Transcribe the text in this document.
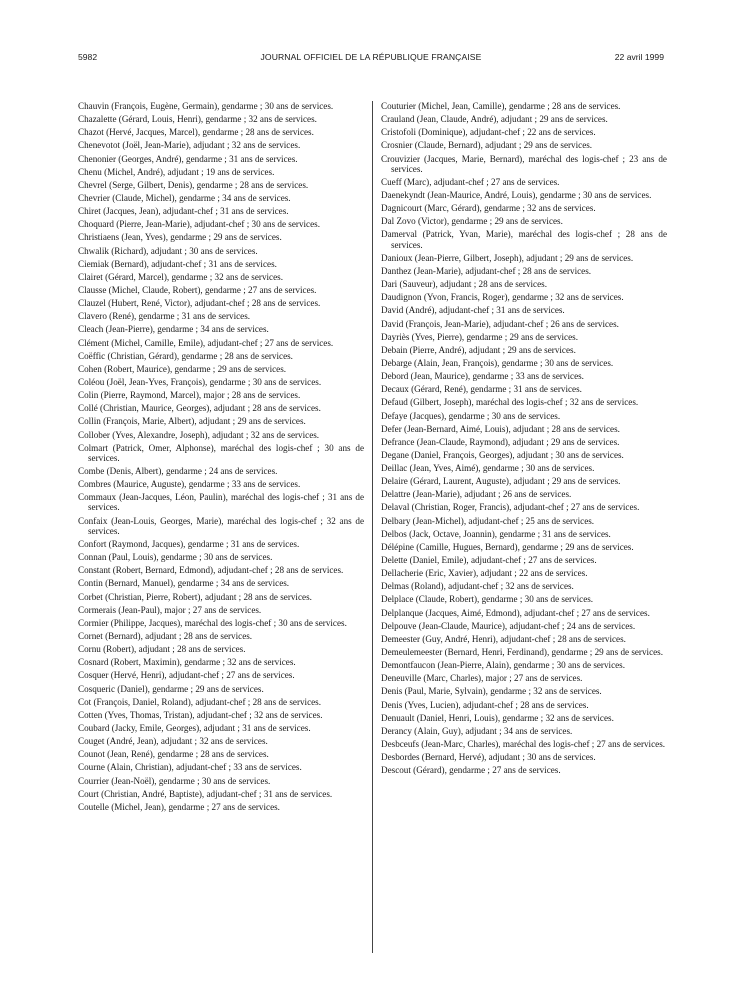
5982	JOURNAL OFFICIEL DE LA RÉPUBLIQUE FRANÇAISE	22 avril 1999

Chauvin (François, Eugène, Germain), gendarme ; 30 ans de services.

Chazalette (Gérard, Louis, Henri), gendarme ; 32 ans de services.

Chazot (Hervé, Jacques, Marcel), gendarme ; 28 ans de services.

Chenevotot (Joël, Jean-Marie), adjudant ; 32 ans de services.

Chenonier (Georges, André), gendarme ; 31 ans de services.

Chenu (Michel, André), adjudant ; 19 ans de services.

Chevrel (Serge, Gilbert, Denis), gendarme ; 28 ans de services.

Chevrier (Claude, Michel), gendarme ; 34 ans de services.

Chiret (Jacques, Jean), adjudant-chef ; 31 ans de services.

Choquard (Pierre, Jean-Marie), adjudant-chef ; 30 ans de services.

Christiaens (Jean, Yves), gendarme ; 29 ans de services.

Chwalik (Richard), adjudant ; 30 ans de services.

Ciemiak (Bernard), adjudant-chef ; 31 ans de services.

Clairet (Gérard, Marcel), gendarme ; 32 ans de services.

Clausse (Michel, Claude, Robert), gendarme ; 27 ans de services.

Clauzel (Hubert, René, Victor), adjudant-chef ; 28 ans de services.

Clavero (René), gendarme ; 31 ans de services.

Cleach (Jean-Pierre), gendarme ; 34 ans de services.

Clément (Michel, Camille, Emile), adjudant-chef ; 27 ans de services.

Coëffic (Christian, Gérard), gendarme ; 28 ans de services.

Cohen (Robert, Maurice), gendarme ; 29 ans de services.

Coléou (Joël, Jean-Yves, François), gendarme ; 30 ans de services.

Colin (Pierre, Raymond, Marcel), major ; 28 ans de services.

Collé (Christian, Maurice, Georges), adjudant ; 28 ans de services.

Collin (François, Marie, Albert), adjudant ; 29 ans de services.

Collober (Yves, Alexandre, Joseph), adjudant ; 32 ans de services.

Colmart (Patrick, Omer, Alphonse), maréchal des logis-chef ; 30 ans de services.

Combe (Denis, Albert), gendarme ; 24 ans de services.

Combres (Maurice, Auguste), gendarme ; 33 ans de services.

Commaux (Jean-Jacques, Léon, Paulin), maréchal des logis-chef ; 31 ans de services.

Confaix (Jean-Louis, Georges, Marie), maréchal des logis-chef ; 32 ans de services.

Confort (Raymond, Jacques), gendarme ; 31 ans de services.

Connan (Paul, Louis), gendarme ; 30 ans de services.

Constant (Robert, Bernard, Edmond), adjudant-chef ; 28 ans de services.

Contin (Bernard, Manuel), gendarme ; 34 ans de services.

Corbet (Christian, Pierre, Robert), adjudant ; 28 ans de services.

Cormerais (Jean-Paul), major ; 27 ans de services.

Cormier (Philippe, Jacques), maréchal des logis-chef ; 30 ans de services.

Cornet (Bernard), adjudant ; 28 ans de services.

Cornu (Robert), adjudant ; 28 ans de services.

Cosnard (Robert, Maximin), gendarme ; 32 ans de services.

Cosquer (Hervé, Henri), adjudant-chef ; 27 ans de services.

Cosqueric (Daniel), gendarme ; 29 ans de services.

Cot (François, Daniel, Roland), adjudant-chef ; 28 ans de services.

Cotten (Yves, Thomas, Tristan), adjudant-chef ; 32 ans de services.

Coubard (Jacky, Emile, Georges), adjudant ; 31 ans de services.

Couget (André, Jean), adjudant ; 32 ans de services.

Counot (Jean, René), gendarme ; 28 ans de services.

Courne (Alain, Christian), adjudant-chef ; 33 ans de services.

Courrier (Jean-Noël), gendarme ; 30 ans de services.

Court (Christian, André, Baptiste), adjudant-chef ; 31 ans de services.

Coutelle (Michel, Jean), gendarme ; 27 ans de services.

Couturier (Michel, Jean, Camille), gendarme ; 28 ans de services.

Crauland (Jean, Claude, André), adjudant ; 29 ans de services.

Cristofoli (Dominique), adjudant-chef ; 22 ans de services.

Crosnier (Claude, Bernard), adjudant ; 29 ans de services.

Crouvizier (Jacques, Marie, Bernard), maréchal des logis-chef ; 23 ans de services.

Cueff (Marc), adjudant-chef ; 27 ans de services.

Daenekyndt (Jean-Maurice, André, Louis), gendarme ; 30 ans de services.

Dagnicourt (Marc, Gérard), gendarme ; 32 ans de services.

Dal Zovo (Victor), gendarme ; 29 ans de services.

Damerval (Patrick, Yvan, Marie), maréchal des logis-chef ; 28 ans de services.

Danioux (Jean-Pierre, Gilbert, Joseph), adjudant ; 29 ans de services.

Danthez (Jean-Marie), adjudant-chef ; 28 ans de services.

Dari (Sauveur), adjudant ; 28 ans de services.

Daudignon (Yvon, Francis, Roger), gendarme ; 32 ans de services.

David (André), adjudant-chef ; 31 ans de services.

David (François, Jean-Marie), adjudant-chef ; 26 ans de services.

Dayriès (Yves, Pierre), gendarme ; 29 ans de services.

Debain (Pierre, André), adjudant ; 29 ans de services.

Debarge (Alain, Jean, François), gendarme ; 30 ans de services.

Debord (Jean, Maurice), gendarme ; 33 ans de services.

Decaux (Gérard, René), gendarme ; 31 ans de services.

Defaud (Gilbert, Joseph), maréchal des logis-chef ; 32 ans de services.

Defaye (Jacques), gendarme ; 30 ans de services.

Defer (Jean-Bernard, Aimé, Louis), adjudant ; 28 ans de services.

Defrance (Jean-Claude, Raymond), adjudant ; 29 ans de services.

Degane (Daniel, François, Georges), adjudant ; 30 ans de services.

Deillac (Jean, Yves, Aimé), gendarme ; 30 ans de services.

Delaire (Gérard, Laurent, Auguste), adjudant ; 29 ans de services.

Delattre (Jean-Marie), adjudant ; 26 ans de services.

Delaval (Christian, Roger, Francis), adjudant-chef ; 27 ans de services.

Delbary (Jean-Michel), adjudant-chef ; 25 ans de services.

Delbos (Jack, Octave, Joannin), gendarme ; 31 ans de services.

Délépine (Camille, Hugues, Bernard), gendarme ; 29 ans de services.

Delette (Daniel, Emile), adjudant-chef ; 27 ans de services.

Dellacherie (Eric, Xavier), adjudant ; 22 ans de services.

Delmas (Roland), adjudant-chef ; 32 ans de services.

Delplace (Claude, Robert), gendarme ; 30 ans de services.

Delplanque (Jacques, Aimé, Edmond), adjudant-chef ; 27 ans de services.

Delpouve (Jean-Claude, Maurice), adjudant-chef ; 24 ans de services.

Demeester (Guy, André, Henri), adjudant-chef ; 28 ans de services.

Demeulemeester (Bernard, Henri, Ferdinand), gendarme ; 29 ans de services.

Demontfaucon (Jean-Pierre, Alain), gendarme ; 30 ans de services.

Deneuville (Marc, Charles), major ; 27 ans de services.

Denis (Paul, Marie, Sylvain), gendarme ; 32 ans de services.

Denis (Yves, Lucien), adjudant-chef ; 28 ans de services.

Denuault (Daniel, Henri, Louis), gendarme ; 32 ans de services.

Derancy (Alain, Guy), adjudant ; 34 ans de services.

Desbceufs (Jean-Marc, Charles), maréchal des logis-chef ; 27 ans de services.

Desbordes (Bernard, Hervé), adjudant ; 30 ans de services.

Descout (Gérard), gendarme ; 27 ans de services.
